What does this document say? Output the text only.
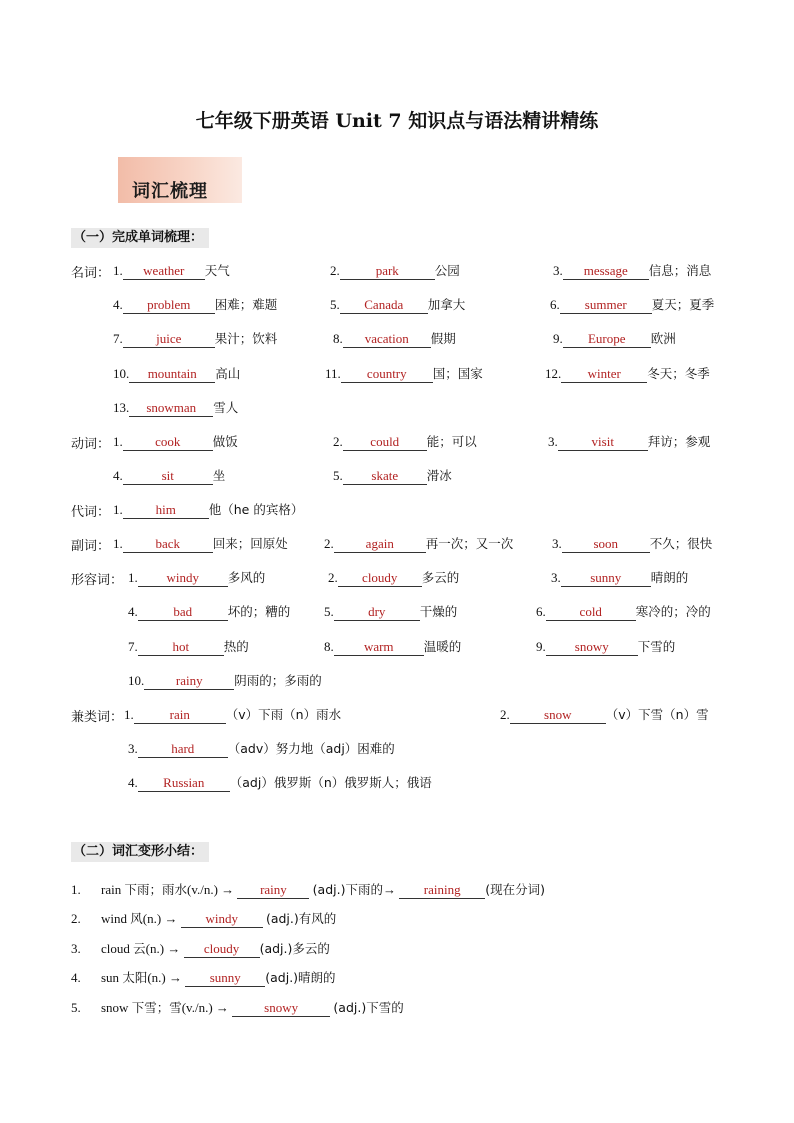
七年级下册英语 Unit 7 知识点与语法精讲精练
词汇梳理
（一）完成单词梳理：
名词： 1. weather 天气	2.	park	公园	3. message 信息；消息
4. problem 困难；难题	5. Canada 加拿大	6. summer 夏天；夏季
7.	juice	果汁；饮料	8. vacation 假期	9. Europe 欧洲
10. mountain 高山	11. country 国；国家	12. winter 冬天；冬季
13. snowman 雪人
动词： 1. cook	做饭	2. could 能；可以	3.	visit	拜访；参观
4.	sit	坐	5. skate 滑冰
代词： 1.	him	他（he 的宾格）
副词： 1.	back	回来；回原处	2. again	再一次；又一次	3. soon	不久；很快
形容词： 1. windy 多风的	2. cloudy 多云的	3. sunny 晴朗的
4.	bad	坏的；糟的	5.	dry	干燥的	6.	cold	寒冷的；冷的
7.	hot	热的	8. warm 温暖的	9. snowy 下雪的
10. rainy	阴雨的；多雨的
兼类词： 1.	rain	（v）下雨（n）雨水	2.	snow	（v）下雪（n）雪
3.	hard	（adv）努力地（adj）困难的
4. Russian （adj）俄罗斯（n）俄罗斯人；俄语
（二）词汇变形小结：
1. rain 下雨；雨水(v./n.) → rainy (adj.)下雨的→ raining (现在分词)
2. wind 风(n.) → windy (adj.)有风的
3. cloud 云(n.) → cloudy (adj.)多云的
4. sun 太阳(n.) → sunny (adj.)晴朗的
5. snow 下雪；雪(v./n.) →	snowy	(adj.)下雪的
